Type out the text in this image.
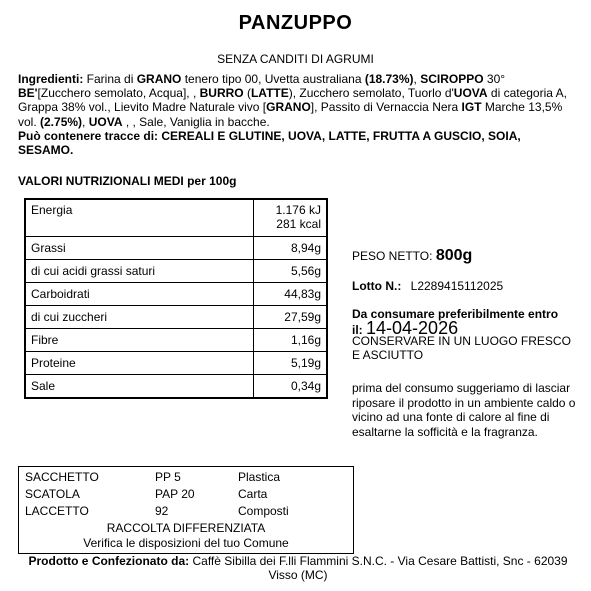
PANZUPPO
SENZA CANDITI DI AGRUMI
Ingredienti: Farina di GRANO tenero tipo 00, Uvetta australiana (18.73%), SCIROPPO 30° BE'[Zucchero semolato, Acqua], , BURRO (LATTE), Zucchero semolato, Tuorlo d'UOVA di categoria A, Grappa 38% vol., Lievito Madre Naturale vivo [GRANO], Passito di Vernaccia Nera IGT Marche 13,5% vol. (2.75%), UOVA , , Sale, Vaniglia in bacche.
Può contenere tracce di: CEREALI E GLUTINE, UOVA, LATTE, FRUTTA A GUSCIO, SOIA, SESAMO.
VALORI NUTRIZIONALI MEDI per 100g
Energia	1.176 kJ
281 kcal

Grassi	8,94g
di cui acidi grassi saturi	5,56g
Carboidrati	44,83g
di cui zuccheri	27,59g
Fibre	1,16g
Proteine	5,19g
Sale	0,34g
PESO NETTO: 800g
Lotto N.: L2289415112025
Da consumare preferibilmente entro
il: 14-04-2026
CONSERVARE IN UN LUOGO FRESCO E ASCIUTTO
prima del consumo suggeriamo di lasciar riposare il prodotto in un ambiente caldo o vicino ad una fonte di calore al fine di esaltarne la sofficità e la fragranza.
SACCHETTO	PP 5	Plastica
SCATOLA	PAP 20	Carta
LACCETTO	92	Composti
RACCOLTA DIFFERENZIATA
Verifica le disposizioni del tuo Comune
Prodotto e Confezionato da: Caffè Sibilla dei F.lli Flammini S.N.C. - Via Cesare Battisti, Snc - 62039 Visso (MC)
